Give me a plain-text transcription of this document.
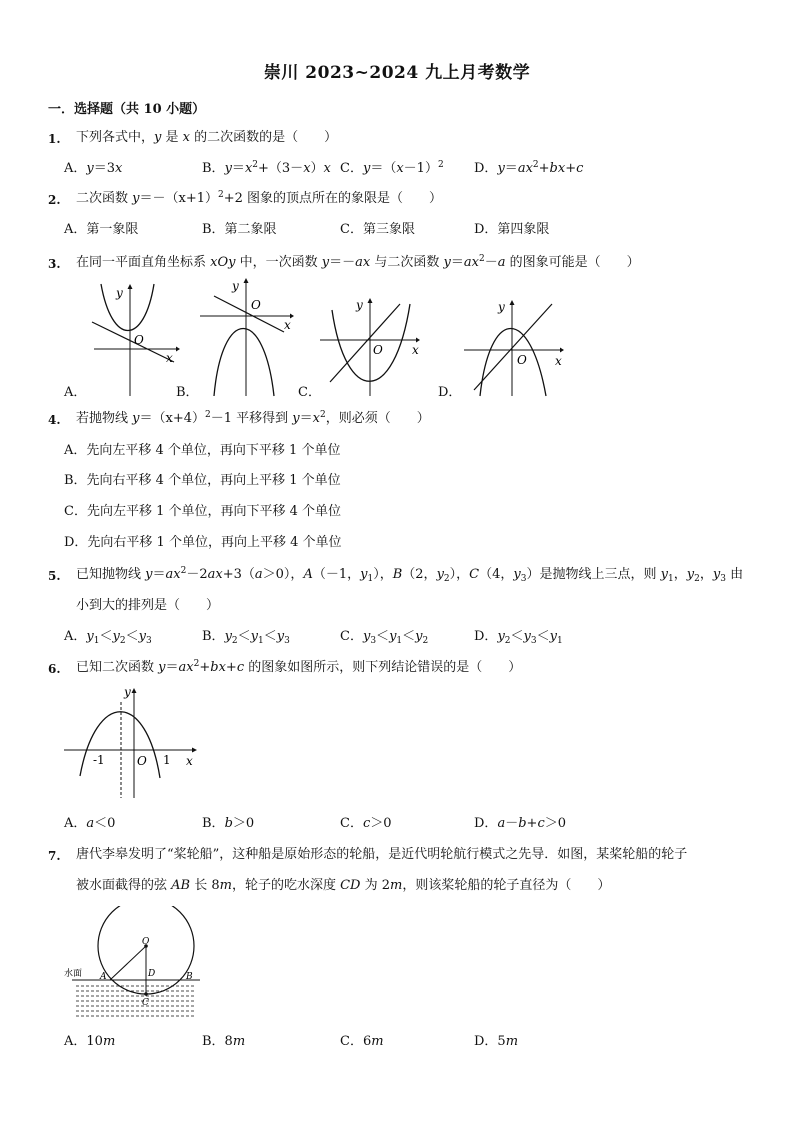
崇川 2023~2024 九上月考数学
一．选择题（共 10 小题）
1. 下列各式中，y 是 x 的二次函数的是（　　）
A．y＝3x	B．$y=x^2+(3-x)x$ C．$y=(x-1)^2$ D．$y=ax^2+bx+c$
2. 二次函数 $y=-(x+1)^2+2$ 图象的顶点所在的象限是（　　）
A．第一象限	B．第二象限	C．第三象限	D．第四象限
3. 在同一平面直角坐标系 xOy 中，一次函数 y＝－ax 与二次函数 $y=ax^2-a$ 的图象可能是（　　）
y
O
x
A．
y
O
x
B．
y
O x
C．
y
O x
D．
4. 若抛物线 $y=(x+4)^2-1$ 平移得到 $y=x^2$，则必须（　　）
A．先向左平移 4 个单位，再向下平移 1 个单位
B．先向右平移 4 个单位，再向上平移 1 个单位
C．先向左平移 1 个单位，再向下平移 4 个单位
D．先向右平移 1 个单位，再向上平移 4 个单位
5. 已知抛物线 $y=ax^2-2ax+3(a>0)$，A（－1，$y_1$），B（2，$y_2$），C（4，$y_3$）是抛物线上三点，则 $y_1$，$y_2$，$y_3$ 由
小到大的排列是（　　）
A．$y_1<y_2<y_3$	B．$y_2<y_1<y_3$	C．$y_3<y_1<y_2$	D．$y_2<y_3<y_1$
6. 已知二次函数 $y=ax^2+bx+c$ 的图象如图所示，则下列结论错误的是（　　）
-1	1
O	x
y
A．a＜0	B．b＞0	C．c＞0	D．a－b+c＞0
7. 唐代李皋发明了“桨轮船”，这种船是原始形态的轮船，是近代明轮航行模式之先导．如图，某桨轮船的轮子
被水面截得的弦 AB 长 8m，轮子的吃水深度 CD 为 2m，则该桨轮船的轮子直径为（　　）
水面 A	B
D
C
O
A．10m	B．8m	C．6m	D．5m
